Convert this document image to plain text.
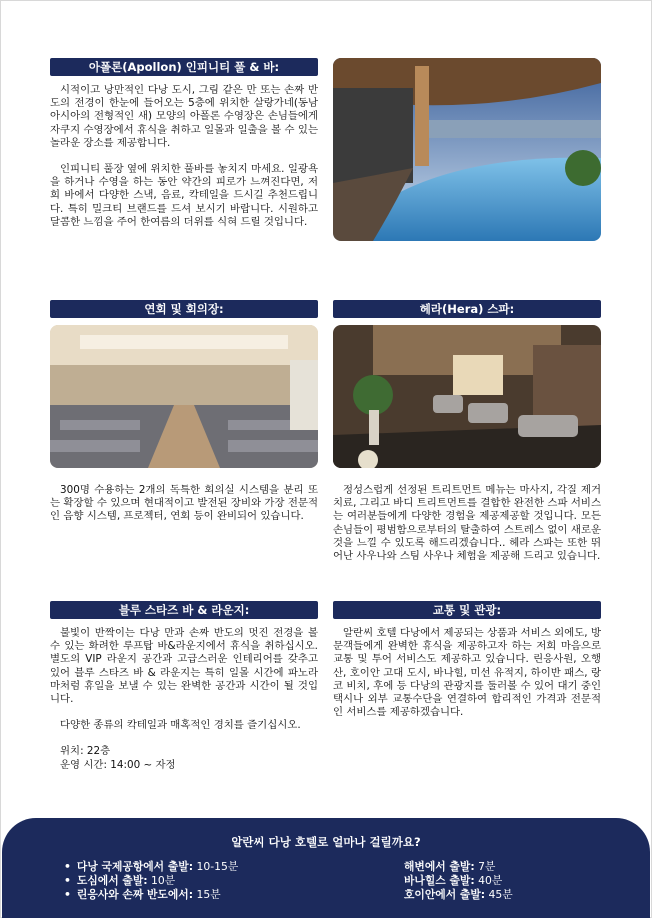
아폴론(Apollon) 인피니티 풀 & 바:

시적이고 낭만적인 다낭 도시, 그림 같은 만 또는 손짜 반도의 전경이 한눈에 들어오는 5층에 위치한 살랑가네(동남아시아의 전형적인 새) 모양의 아폴론 수영장은 손님들에게 자쿠지 수영장에서 휴식을 취하고 일몰과 일출을 볼 수 있는 놀라운 장소를 제공합니다.

인피니티 풀장 옆에 위치한 풀바를 놓치지 마세요. 일광욕을 하거나 수영을 하는 동안 약간의 피로가 느껴진다면, 저희 바에서 다양한 스낵, 음료, 칵테일을 드시길 추천드립니다. 특히 밀크티 브랜드를 드셔 보시기 바랍니다. 시원하고 달콤한 느낌을 주어 한여름의 더위를 식혀 드릴 것입니다.

연회 및 회의장:

300명 수용하는 2개의 독특한 회의실 시스템을 분리 또는 확장할 수 있으며 현대적이고 발전된 장비와 가장 전문적인 음향 시스템, 프로젝터, 연회 등이 완비되어 있습니다.

헤라(Hera) 스파:

정성스럽게 선정된 트리트먼트 메뉴는 마사지, 각질 제거 치료, 그리고 바디 트리트먼트를 결합한 완전한 스파 서비스는 여러분들에게 다양한 경험을 제공제공할 것입니다. 모든 손님들이 평범함으로부터의 탈출하여 스트레스 없이 새로운 것을 느낄 수 있도록 해드리겠습니다.. 헤라 스파는 또한 뛰어난 사우나와 스팀 사우나 체험을 제공해 드리고 있습니다.

블루 스타즈 바 & 라운지:

불빛이 반짝이는 다낭 만과 손짜 반도의 멋진 전경을 볼 수 있는 화려한 루프탑 바&라운지에서 휴식을 취하십시오. 별도의 VIP 라운지 공간과 고급스러운 인테리어를 갖추고 있어 블루 스타즈 바 & 라운지는 특히 일몰 시간에 파노라마처럼 휴일을 보낼 수 있는 완벽한 공간과 시간이 될 것입니다.

다양한 종류의 칵테일과 매혹적인 경치를 즐기십시오.

위치: 22층
운영 시간: 14:00 ~ 자정
교통 및 관광:

알란씨 호텔 다낭에서 제공되는 상품과 서비스 외에도, 방문객들에게 완벽한 휴식을 제공하고자 하는 저희 마음으로 교통 및 투어 서비스도 제공하고 있습니다. 린응사원, 오행산, 호이안 고대 도시, 바나힐, 미선 유적지, 하이반 패스, 랑코 비치, 후에 등 다낭의 관광지를 둘러볼 수 있어 대기 중인 택시나 외부 교통수단을 연결하여 합리적인 가격과 전문적인 서비스를 제공하겠습니다.

알란씨 다낭 호텔로 얼마나 걸릴까요?
• 다낭 국제공항에서 출발: 10-15분
• 도심에서 출발: 10분
• 린응사와 손짜 반도에서: 15분
해변에서 출발: 7분
바나힐스 출발: 40분
호이안에서 출발: 45분
